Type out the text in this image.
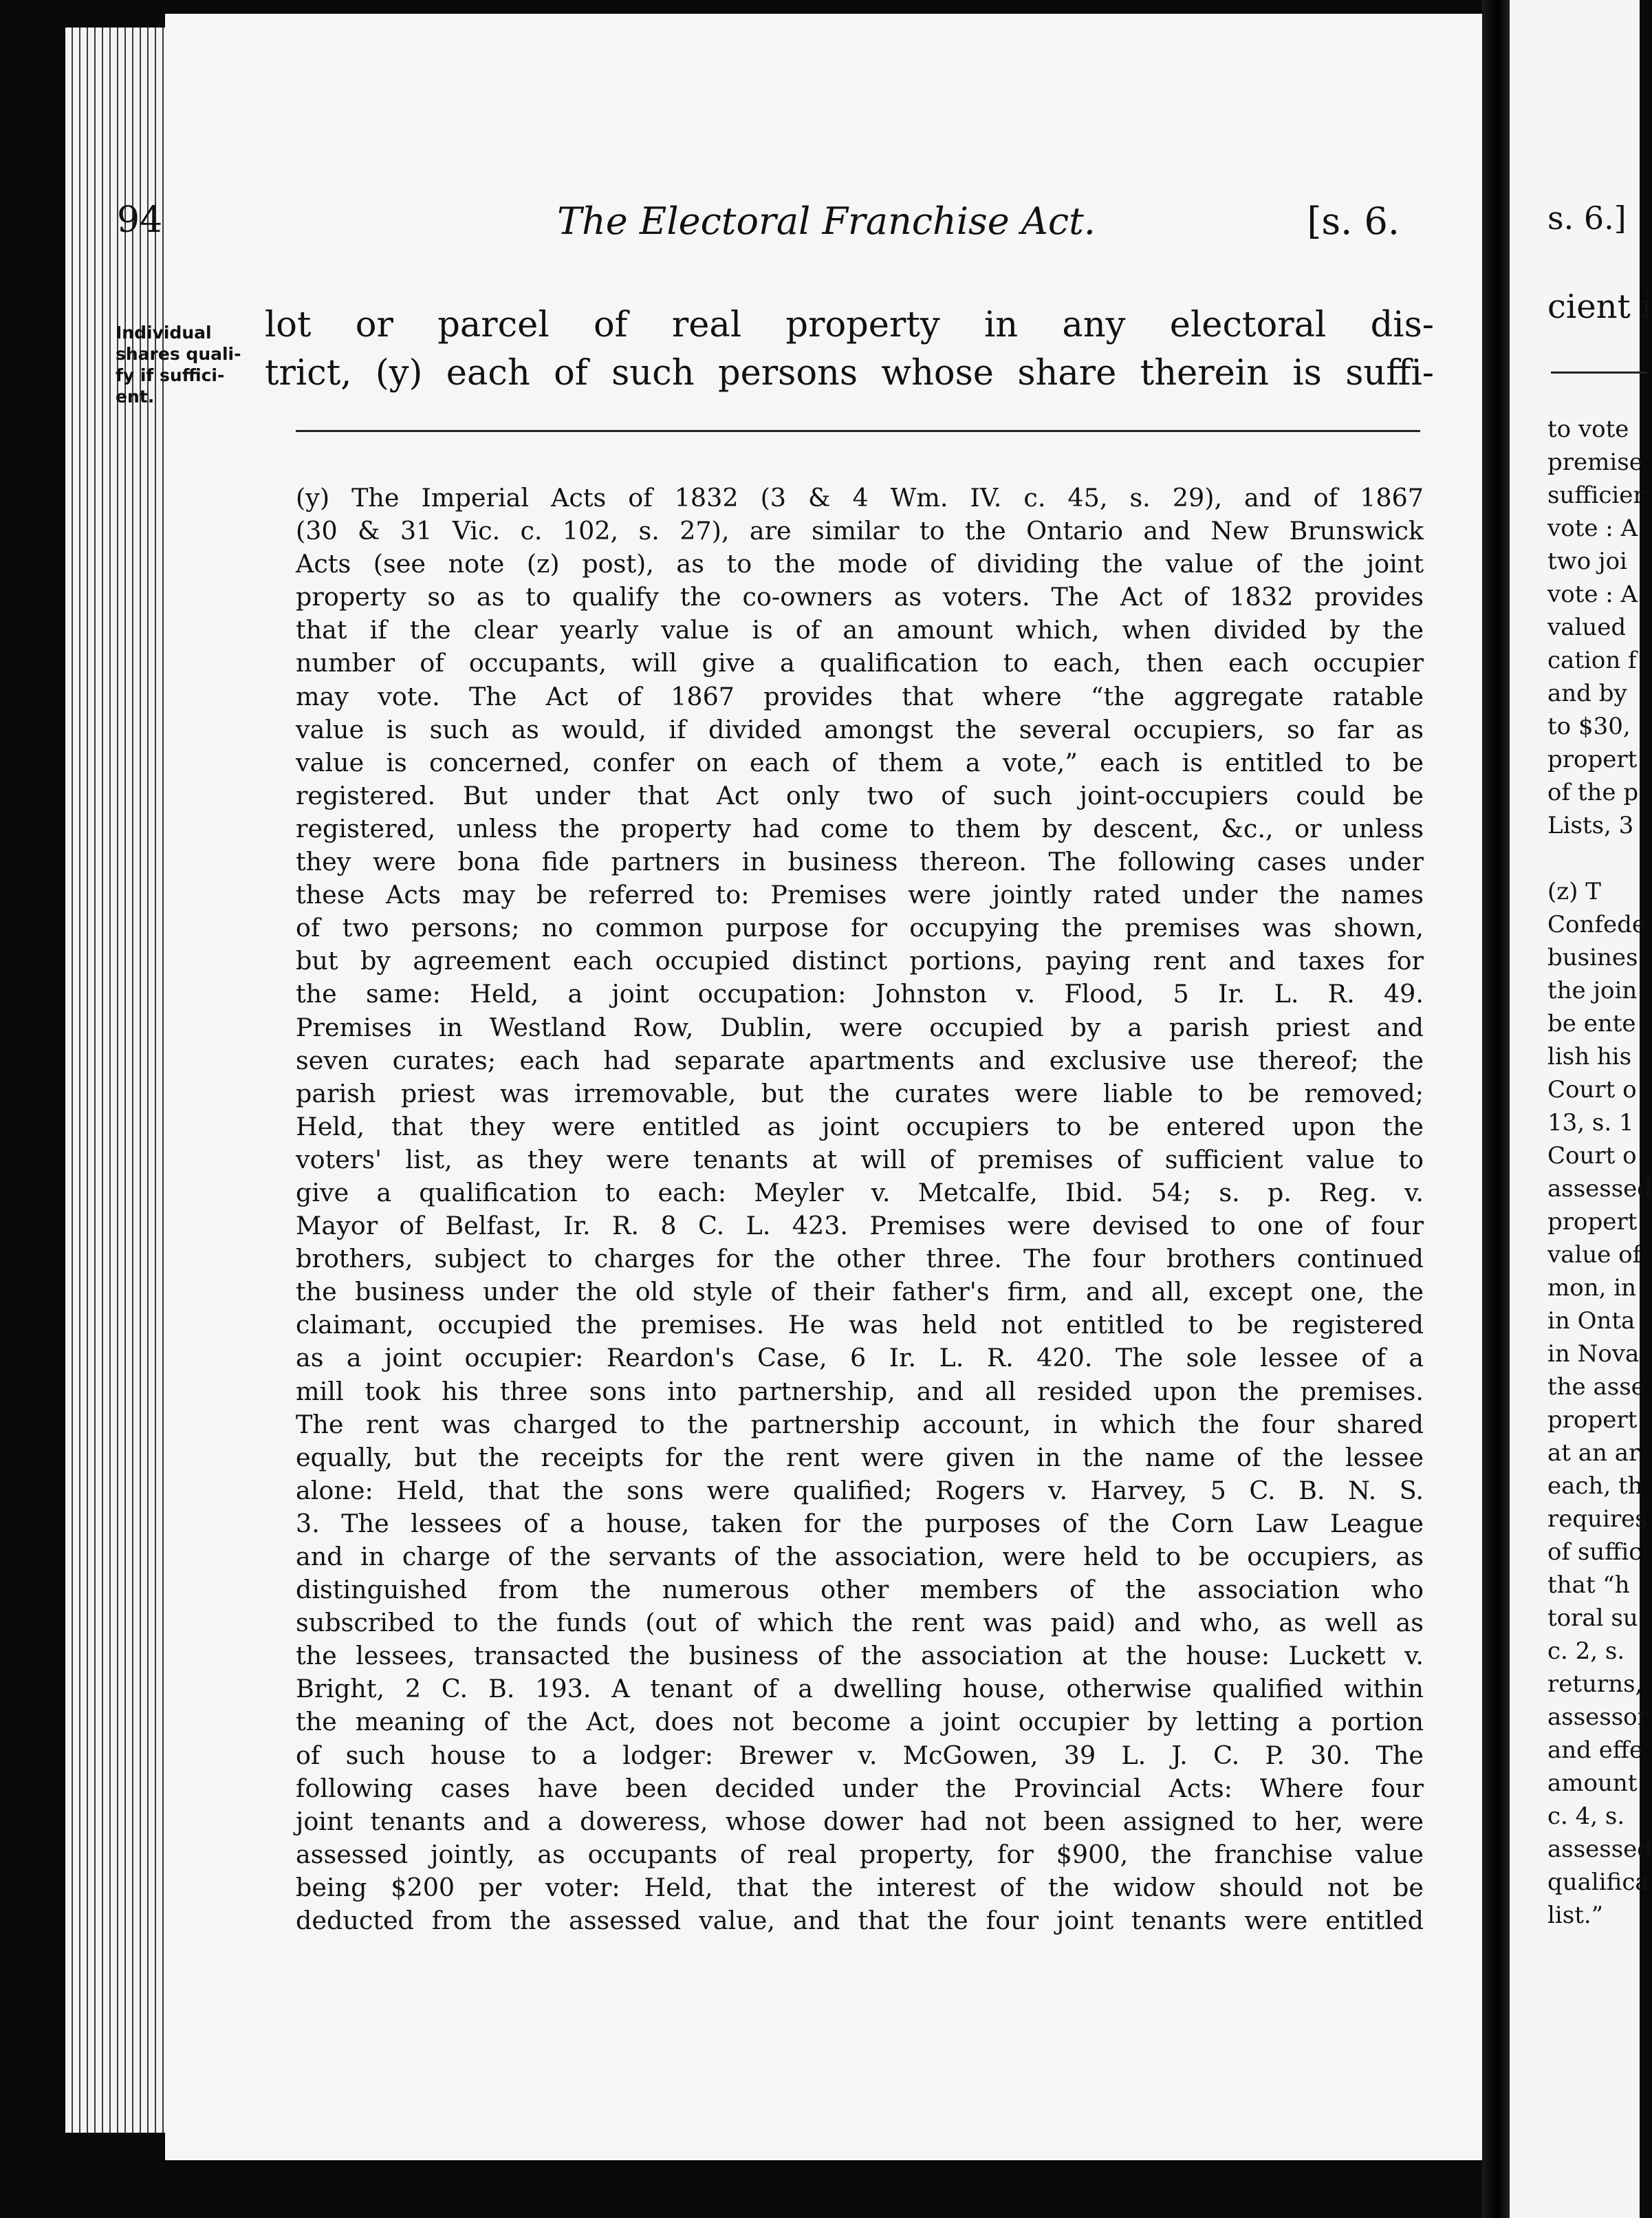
s. 6.]
cient i
to vote
premise
sufficier
vote : A
two joi
vote : A
valued
cation f
and by
to $30,
propert
of the p
Lists, 3
(z) T
Confede
busines
the join
be ente
lish his
Court o
13, s. 1
Court o
assessed
propert
value of
mon, in
in Onta
in Nova
the asse
propert
at an ar
each, th
requires
of suffic
that “h
toral su
c. 2, s.
returns,
assessor
and effe
amount
c. 4, s.
assessed
qualifica
list.”
94	The Electoral Franchise Act.	[s. 6.
Individual
shares quali-
fy if suffici-
ent.
lot or parcel of real property in any electoral dis-
trict, (y) each of such persons whose share therein is suffi-
(y) The Imperial Acts of 1832 (3 & 4 Wm. IV. c. 45, s. 29), and of 1867
(30 & 31 Vic. c. 102, s. 27), are similar to the Ontario and New Brunswick
Acts (see note (z) post), as to the mode of dividing the value of the joint
property so as to qualify the co-owners as voters. The Act of 1832 provides
that if the clear yearly value is of an amount which, when divided by the
number of occupants, will give a qualification to each, then each occupier
may vote. The Act of 1867 provides that where “the aggregate ratable
value is such as would, if divided amongst the several occupiers, so far as
value is concerned, confer on each of them a vote,” each is entitled to be
registered. But under that Act only two of such joint-occupiers could be
registered, unless the property had come to them by descent, &c., or unless
they were bona fide partners in business thereon. The following cases under
these Acts may be referred to: Premises were jointly rated under the names
of two persons; no common purpose for occupying the premises was shown,
but by agreement each occupied distinct portions, paying rent and taxes for
the same: Held, a joint occupation: Johnston v. Flood, 5 Ir. L. R. 49.
Premises in Westland Row, Dublin, were occupied by a parish priest and
seven curates; each had separate apartments and exclusive use thereof; the
parish priest was irremovable, but the curates were liable to be removed;
Held, that they were entitled as joint occupiers to be entered upon the
voters' list, as they were tenants at will of premises of sufficient value to
give a qualification to each: Meyler v. Metcalfe, Ibid. 54; s. p. Reg. v.
Mayor of Belfast, Ir. R. 8 C. L. 423. Premises were devised to one of four
brothers, subject to charges for the other three. The four brothers continued
the business under the old style of their father's firm, and all, except one, the
claimant, occupied the premises. He was held not entitled to be registered
as a joint occupier: Reardon's Case, 6 Ir. L. R. 420. The sole lessee of a
mill took his three sons into partnership, and all resided upon the premises.
The rent was charged to the partnership account, in which the four shared
equally, but the receipts for the rent were given in the name of the lessee
alone: Held, that the sons were qualified; Rogers v. Harvey, 5 C. B. N. S.
3. The lessees of a house, taken for the purposes of the Corn Law League
and in charge of the servants of the association, were held to be occupiers, as
distinguished from the numerous other members of the association who
subscribed to the funds (out of which the rent was paid) and who, as well as
the lessees, transacted the business of the association at the house: Luckett v.
Bright, 2 C. B. 193. A tenant of a dwelling house, otherwise qualified within
the meaning of the Act, does not become a joint occupier by letting a portion
of such house to a lodger: Brewer v. McGowen, 39 L. J. C. P. 30. The
following cases have been decided under the Provincial Acts: Where four
joint tenants and a doweress, whose dower had not been assigned to her, were
assessed jointly, as occupants of real property, for $900, the franchise value
being $200 per voter: Held, that the interest of the widow should not be
deducted from the assessed value, and that the four joint tenants were entitled
